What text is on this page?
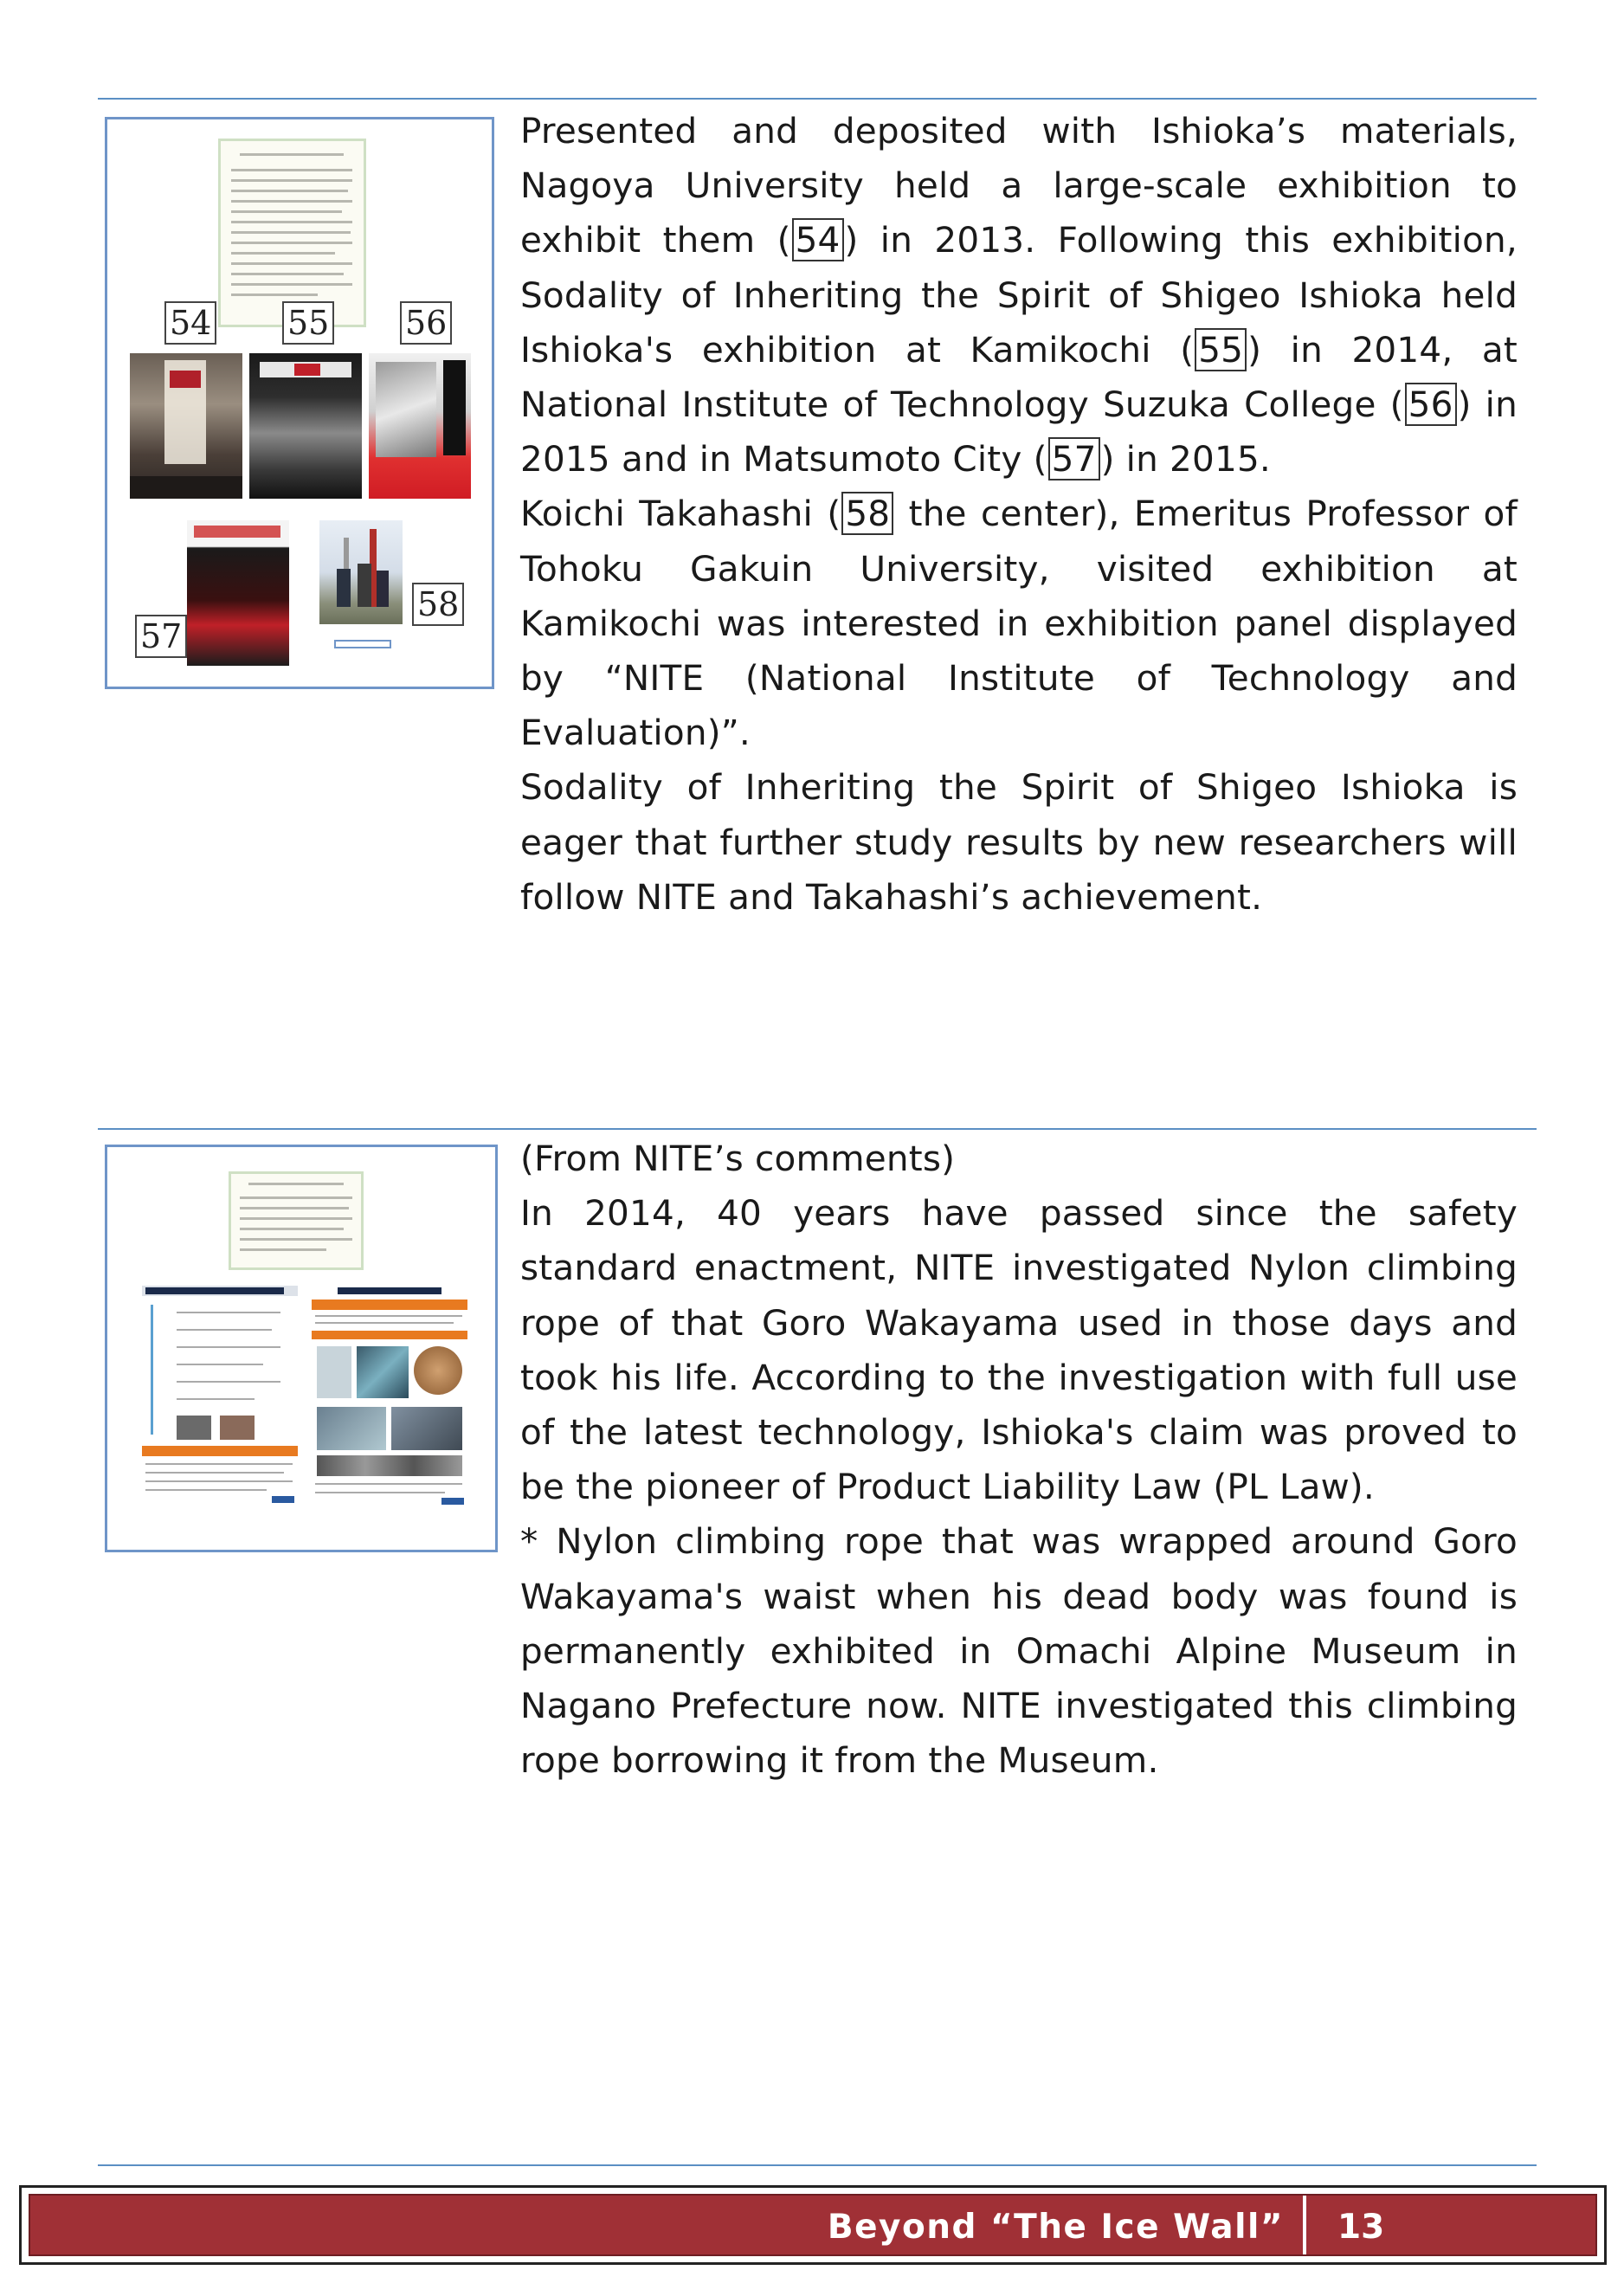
54 55 56
57
58

Presented and deposited with Ishioka’s materials, Nagoya University held a large-scale exhibition to exhibit them ( 54 ) in 2013. Following this exhibition, Sodality of Inheriting the Spirit of Shigeo Ishioka held Ishioka's exhibition at Kamikochi ( 55 ) in 2014, at National Institute of Technology Suzuka College ( 56 ) in 2015 and in Matsumoto City ( 57 ) in 2015.

Koichi Takahashi ( 58 the center), Emeritus Professor of Tohoku Gakuin University, visited exhibition at Kamikochi was interested in exhibition panel displayed by “NITE (National Institute of Technology and Evaluation)”.

Sodality of Inheriting the Spirit of Shigeo Ishioka is eager that further study results by new researchers will follow NITE and Takahashi’s achievement.

(From NITE’s comments)

In 2014, 40 years have passed since the safety standard enactment, NITE investigated Nylon climbing rope of that Goro Wakayama used in those days and took his life. According to the investigation with full use of the latest technology, Ishioka's claim was proved to be the pioneer of Product Liability Law (PL Law).

* Nylon climbing rope that was wrapped around Goro Wakayama's waist when his dead body was found is permanently exhibited in Omachi Alpine Museum in Nagano Prefecture now. NITE investigated this climbing rope borrowing it from the Museum.

Beyond “The Ice Wall” 13
